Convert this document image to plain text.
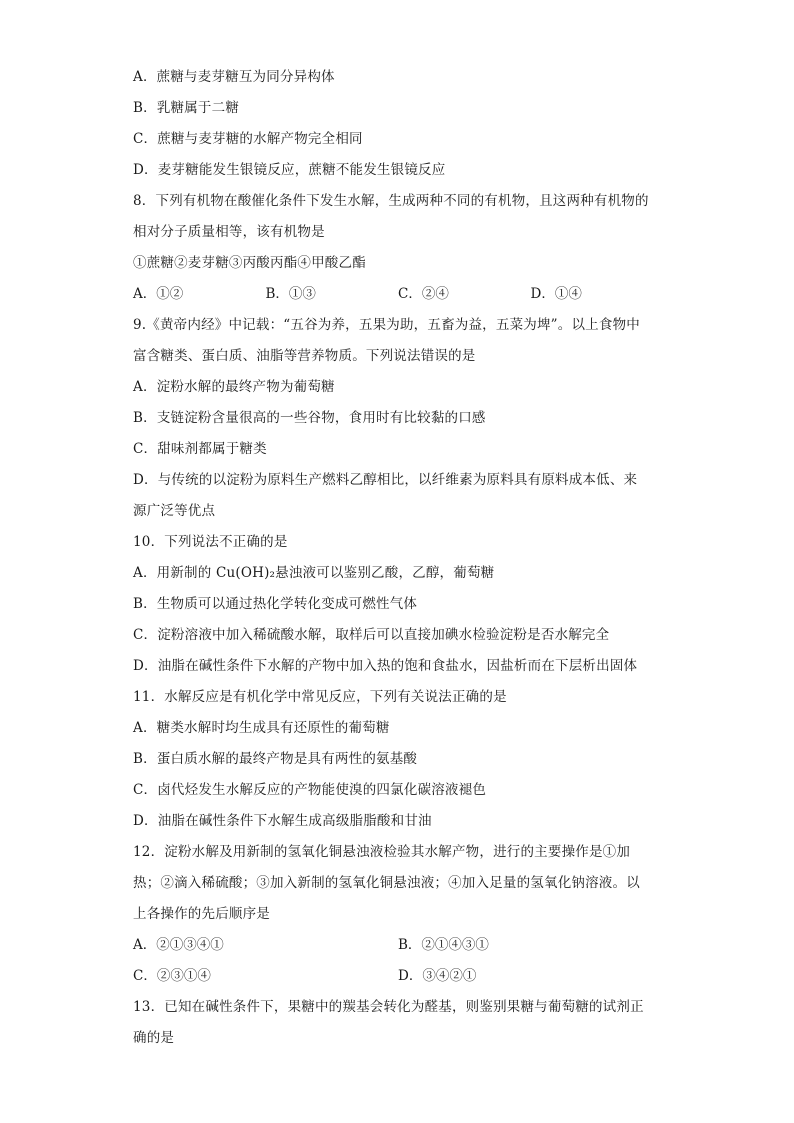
A．蔗糖与麦芽糖互为同分异构体
B．乳糖属于二糖
C．蔗糖与麦芽糖的水解产物完全相同
D．麦芽糖能发生银镜反应，蔗糖不能发生银镜反应
8．下列有机物在酸催化条件下发生水解，生成两种不同的有机物，且这两种有机物的
相对分子质量相等，该有机物是
①蔗糖②麦芽糖③丙酸丙酯④甲酸乙酯
A．①②	B．①③	C．②④	D．①④
9.《黄帝内经》中记载：“五谷为养，五果为助，五畜为益，五菜为埤”。以上食物中
富含糖类、蛋白质、油脂等营养物质。下列说法错误的是
A．淀粉水解的最终产物为葡萄糖
B．支链淀粉含量很高的一些谷物，食用时有比较黏的口感
C．甜味剂都属于糖类
D．与传统的以淀粉为原料生产燃料乙醇相比，以纤维素为原料具有原料成本低、来
源广泛等优点
10．下列说法不正确的是
A．用新制的 Cu(OH)₂悬浊液可以鉴别乙酸，乙醇，葡萄糖
B．生物质可以通过热化学转化变成可燃性气体
C．淀粉溶液中加入稀硫酸水解，取样后可以直接加碘水检验淀粉是否水解完全
D．油脂在碱性条件下水解的产物中加入热的饱和食盐水，因盐析而在下层析出固体
11．水解反应是有机化学中常见反应，下列有关说法正确的是
A．糖类水解时均生成具有还原性的葡萄糖
B．蛋白质水解的最终产物是具有两性的氨基酸
C．卤代烃发生水解反应的产物能使溴的四氯化碳溶液褪色
D．油脂在碱性条件下水解生成高级脂脂酸和甘油
12．淀粉水解及用新制的氢氧化铜悬浊液检验其水解产物，进行的主要操作是①加
热；②滴入稀硫酸；③加入新制的氢氧化铜悬浊液；④加入足量的氢氧化钠溶液。以
上各操作的先后顺序是
A．②①③④①	B．②①④③①
C．②③①④	D．③④②①
13．已知在碱性条件下，果糖中的羰基会转化为醛基，则鉴别果糖与葡萄糖的试剂正
确的是
